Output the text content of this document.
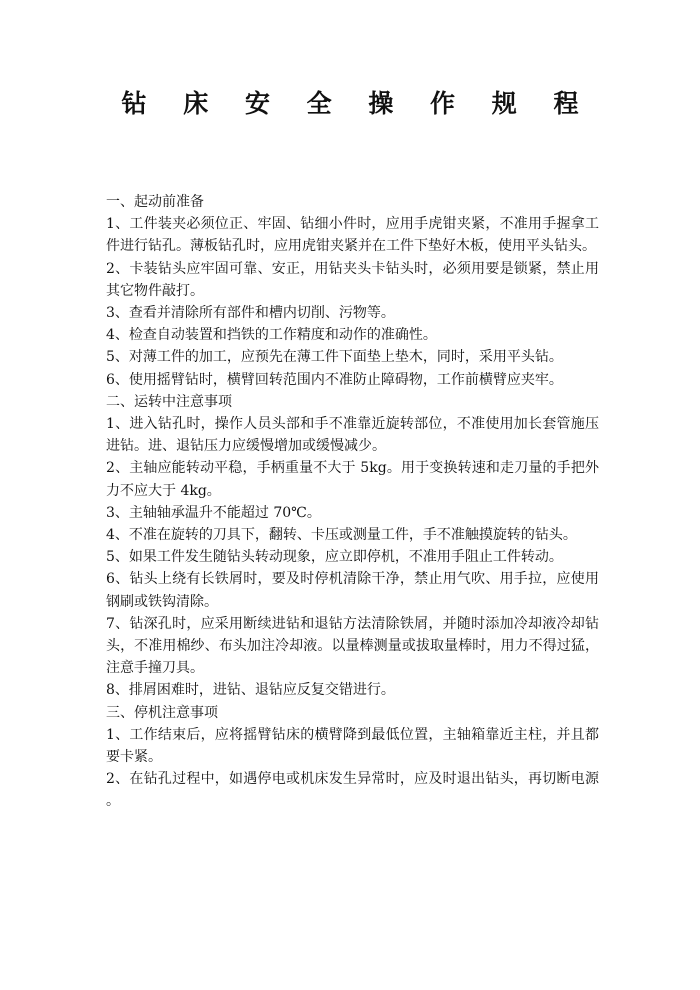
钻 床 安 全 操 作 规 程
一、起动前准备
1、工件装夹必须位正、牢固、钻细小件时，应用手虎钳夹紧，不准用手握拿工件进行钻孔。薄板钻孔时，应用虎钳夹紧并在工件下垫好木板，使用平头钻头。
2、卡装钻头应牢固可靠、安正，用钻夹头卡钻头时，必须用要是锁紧，禁止用其它物件敲打。
3、查看并清除所有部件和槽内切削、污物等。
4、检查自动装置和挡铁的工作精度和动作的准确性。
5、对薄工件的加工，应预先在薄工件下面垫上垫木，同时，采用平头钻。
6、使用摇臂钻时，横臂回转范围内不准防止障碍物，工作前横臂应夹牢。
二、运转中注意事项
1、进入钻孔时，操作人员头部和手不准靠近旋转部位，不准使用加长套管施压进钻。进、退钻压力应缓慢增加或缓慢减少。
2、主轴应能转动平稳，手柄重量不大于 5kg。用于变换转速和走刀量的手把外力不应大于 4kg。
3、主轴轴承温升不能超过 70℃。
4、不准在旋转的刀具下，翻转、卡压或测量工件，手不准触摸旋转的钻头。
5、如果工件发生随钻头转动现象，应立即停机，不准用手阻止工件转动。
6、钻头上绕有长铁屑时，要及时停机清除干净，禁止用气吹、用手拉，应使用钢刷或铁钩清除。
7、钻深孔时，应采用断续进钻和退钻方法清除铁屑，并随时添加冷却液冷却钻头，不准用棉纱、布头加注冷却液。以量棒测量或拔取量棒时，用力不得过猛，注意手撞刀具。
8、排屑困难时，进钻、退钻应反复交错进行。
三、停机注意事项
1、工作结束后，应将摇臂钻床的横臂降到最低位置，主轴箱靠近主柱，并且都要卡紧。
2、在钻孔过程中，如遇停电或机床发生异常时，应及时退出钻头，再切断电源。
